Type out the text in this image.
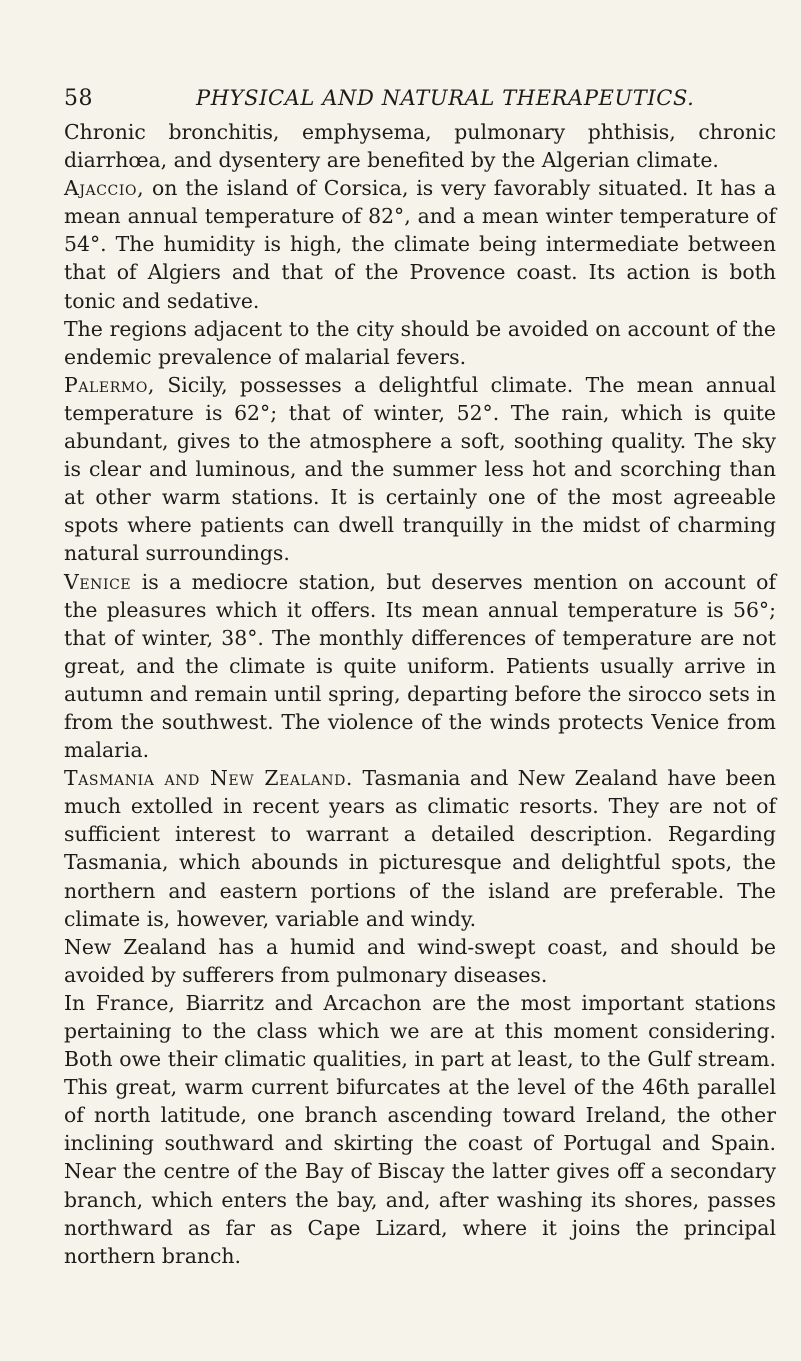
58	PHYSICAL AND NATURAL THERAPEUTICS.

Chronic bronchitis, emphysema, pulmonary phthisis, chronic diarrhœa, and dysentery are benefited by the Algerian climate.

Ajaccio, on the island of Corsica, is very favorably situated. It has a mean annual temperature of 82°, and a mean winter temperature of 54°. The humidity is high, the climate being intermediate between that of Algiers and that of the Provence coast. Its action is both tonic and sedative.

The regions adjacent to the city should be avoided on account of the endemic prevalence of malarial fevers.

Palermo, Sicily, possesses a delightful climate. The mean annual temperature is 62°; that of winter, 52°. The rain, which is quite abundant, gives to the atmosphere a soft, soothing quality. The sky is clear and luminous, and the summer less hot and scorching than at other warm stations. It is certainly one of the most agreeable spots where patients can dwell tranquilly in the midst of charming natural surroundings.

Venice is a mediocre station, but deserves mention on account of the pleasures which it offers. Its mean annual temperature is 56°; that of winter, 38°. The monthly differences of temperature are not great, and the climate is quite uniform. Patients usually arrive in autumn and remain until spring, departing before the sirocco sets in from the southwest. The violence of the winds protects Venice from malaria.

Tasmania and New Zealand. Tasmania and New Zealand have been much extolled in recent years as climatic resorts. They are not of sufficient interest to warrant a detailed description. Regarding Tasmania, which abounds in picturesque and delightful spots, the northern and eastern portions of the island are preferable. The climate is, however, variable and windy.

New Zealand has a humid and wind-swept coast, and should be avoided by sufferers from pulmonary diseases.

In France, Biarritz and Arcachon are the most important stations pertaining to the class which we are at this moment considering. Both owe their climatic qualities, in part at least, to the Gulf stream. This great, warm current bifurcates at the level of the 46th parallel of north latitude, one branch ascending toward Ireland, the other inclining southward and skirting the coast of Portugal and Spain. Near the centre of the Bay of Biscay the latter gives off a secondary branch, which enters the bay, and, after washing its shores, passes northward as far as Cape Lizard, where it joins the principal northern branch.
